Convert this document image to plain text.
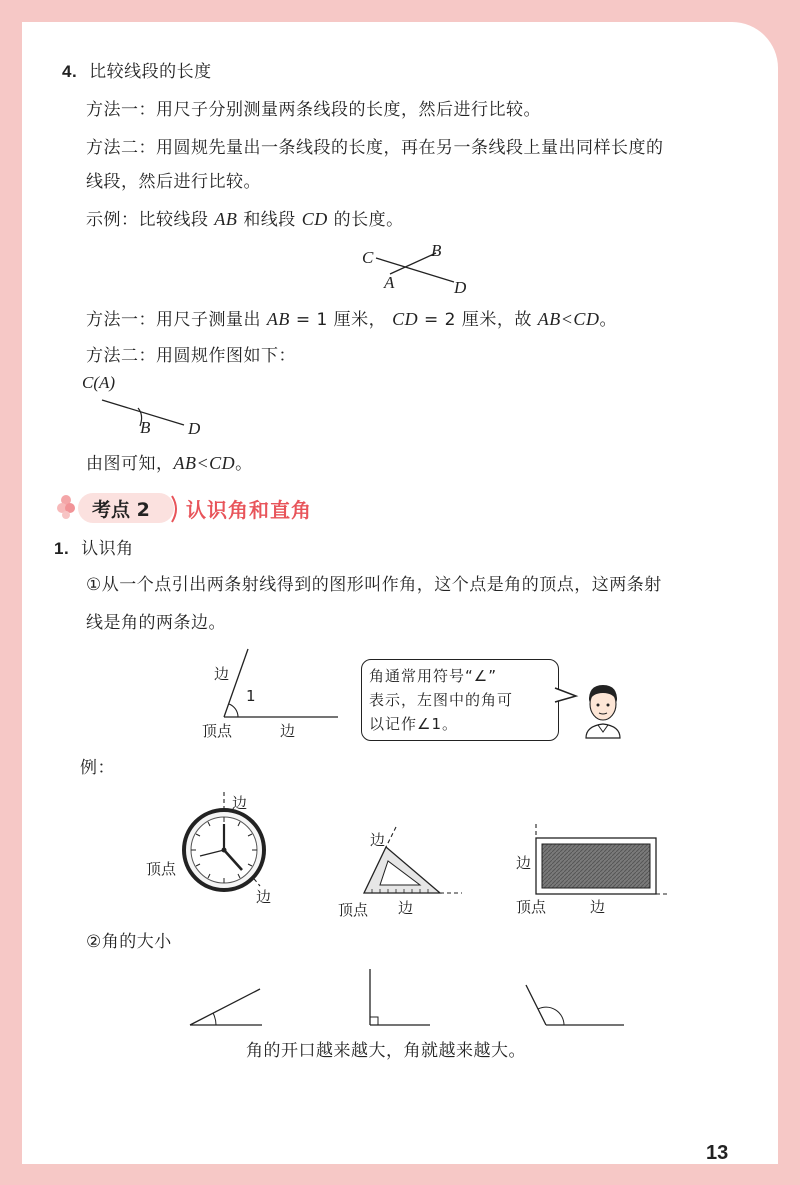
4. 比较线段的长度
方法一：用尺子分别测量两条线段的长度，然后进行比较。
方法二：用圆规先量出一条线段的长度，再在另一条线段上量出同样长度的
线段，然后进行比较。
示例：比较线段 AB 和线段 CD 的长度。
C	B
A	D
方法一：用尺子测量出 AB = 1 厘米， CD = 2 厘米，故 AB<CD。
方法二：用圆规作图如下：
C(A)
B D
由图可知，AB<CD。
考点 2 认识角和直角
1. 认识角
①从一个点引出两条射线得到的图形叫作角，这个点是角的顶点，这两条射
线是角的两条边。
边
1
顶点	边
角通常用符号“∠”
表示，左图中的角可
以记作∠1。
例：
边
顶点
边
边
顶点 边
边
顶点	边
②角的大小
角的开口越来越大，角就越来越大。
13
